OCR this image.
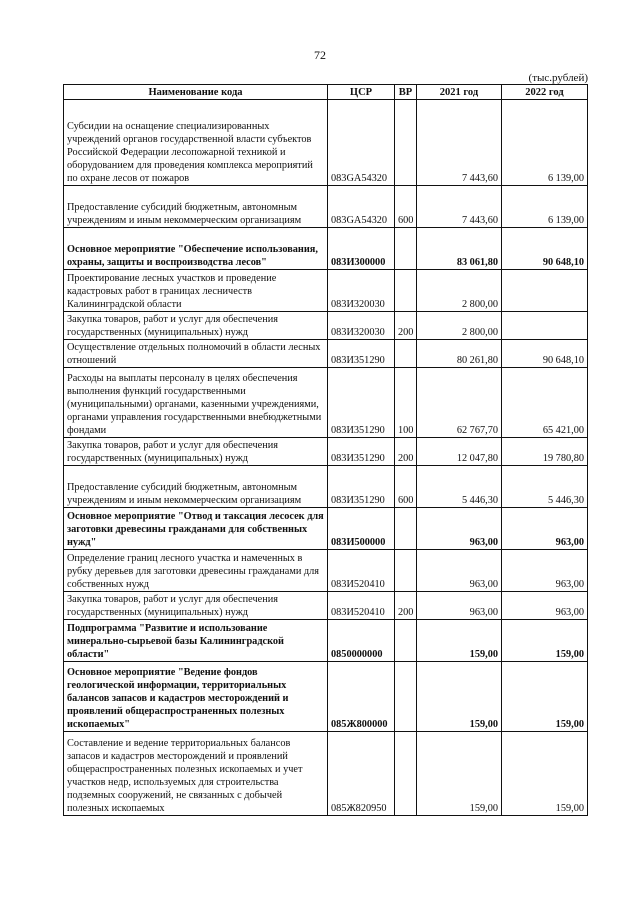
72
(тыс.рублей)
Наименование кода	ЦСР	ВР	2021 год	2022 год
Субсидии на оснащение специализированных учреждений органов государственной власти субъектов Российской Федерации лесопожарной техникой и оборудованием для проведения комплекса мероприятий по охране лесов от пожаров	083GA54320		7 443,60	6 139,00
Предоставление субсидий бюджетным, автономным учреждениям и иным некоммерческим организациям	083GA54320	600	7 443,60	6 139,00
Основное мероприятие "Обеспечение использования, охраны, защиты и воспроизводства лесов"	083И300000		83 061,80	90 648,10
Проектирование лесных участков и проведение кадастровых работ в границах лесничеств Калининградской области	083И320030		2 800,00	
Закупка товаров, работ и услуг для обеспечения государственных (муниципальных) нужд	083И320030	200	2 800,00	
Осуществление отдельных полномочий в области лесных отношений	083И351290		80 261,80	90 648,10
Расходы на выплаты персоналу в целях обеспечения выполнения функций государственными (муниципальными) органами, казенными учреждениями, органами управления государственными внебюджетными фондами	083И351290	100	62 767,70	65 421,00
Закупка товаров, работ и услуг для обеспечения государственных (муниципальных) нужд	083И351290	200	12 047,80	19 780,80
Предоставление субсидий бюджетным, автономным учреждениям и иным некоммерческим организациям	083И351290	600	5 446,30	5 446,30
Основное мероприятие "Отвод и таксация лесосек для заготовки древесины гражданами для собственных нужд"	083И500000		963,00	963,00
Определение границ лесного участка и намеченных в рубку деревьев для заготовки древесины гражданами для собственных нужд	083И520410		963,00	963,00
Закупка товаров, работ и услуг для обеспечения государственных (муниципальных) нужд	083И520410	200	963,00	963,00
Подпрограмма "Развитие и использование минерально-сырьевой базы Калининградской области"	0850000000		159,00	159,00
Основное мероприятие "Ведение фондов геологической информации, территориальных балансов запасов и кадастров месторождений и проявлений общераспространенных полезных ископаемых"	085Ж800000		159,00	159,00
Составление и ведение территориальных балансов запасов и кадастров месторождений и проявлений общераспространенных полезных ископаемых и учет участков недр, используемых для строительства подземных сооружений, не связанных с добычей полезных ископаемых	085Ж820950		159,00	159,00
